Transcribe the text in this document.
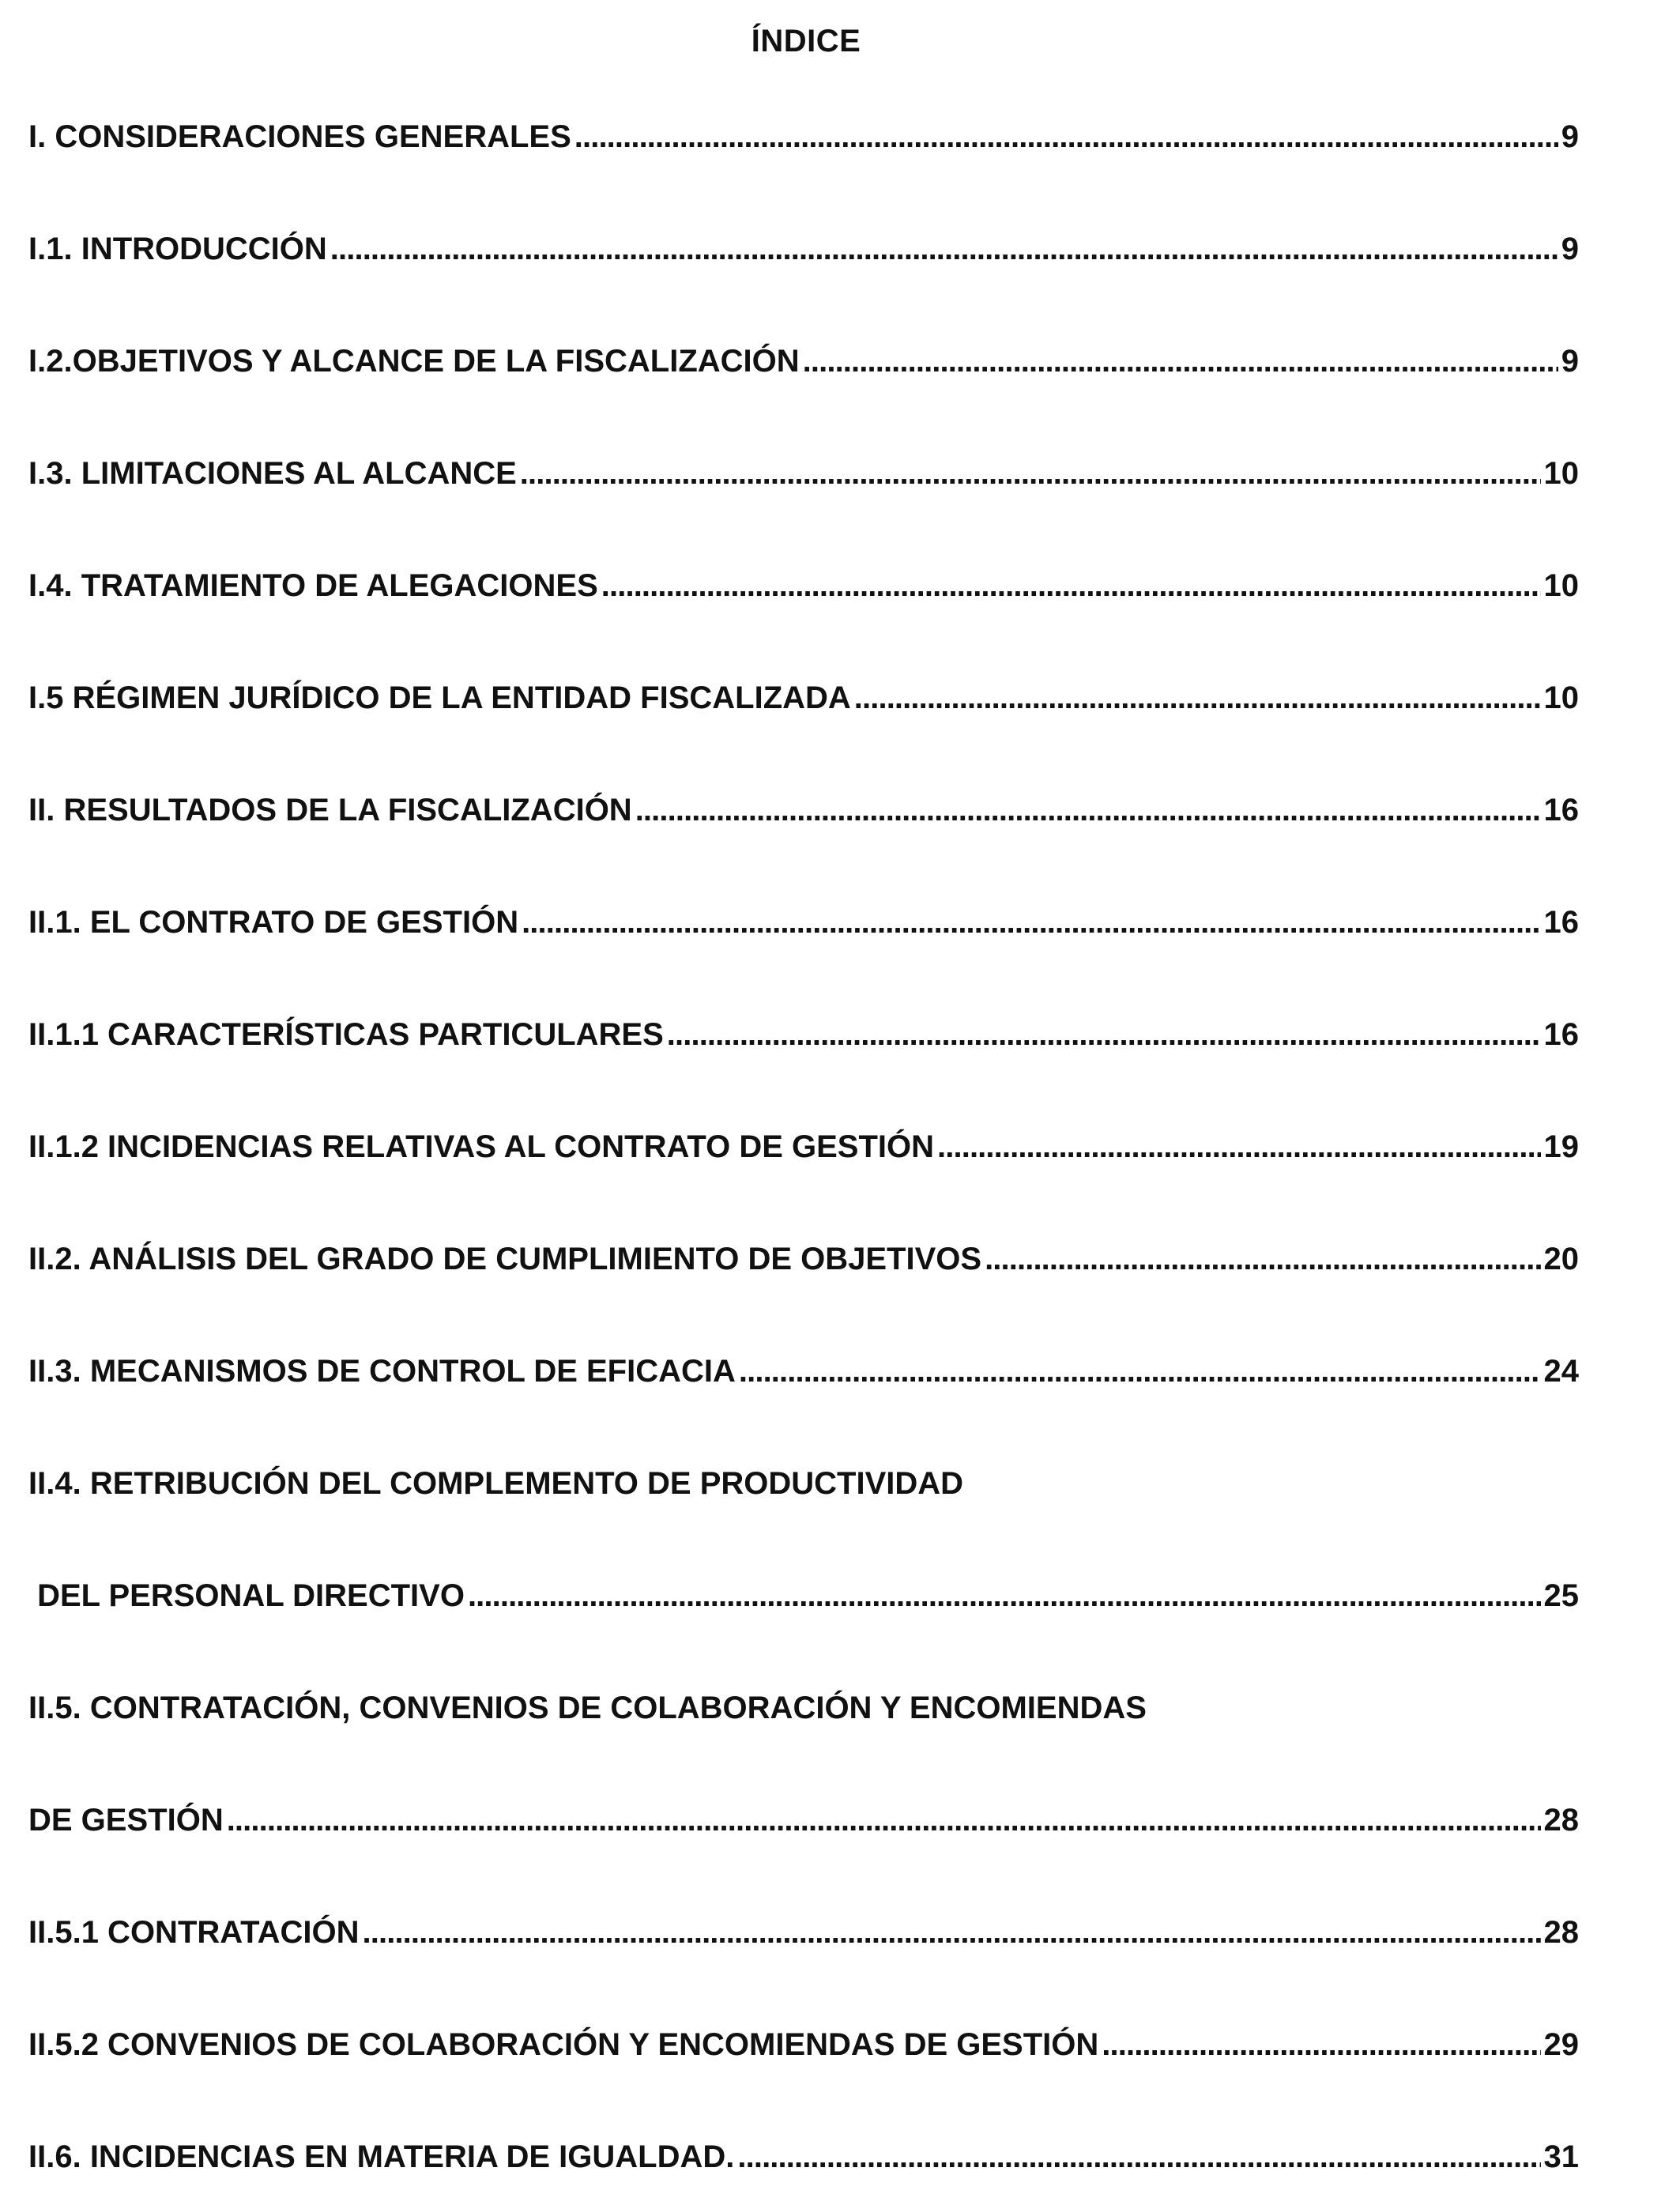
ÍNDICE
I. CONSIDERACIONES GENERALES . . .	9
I.1. INTRODUCCIÓN . . .	9
I.2.OBJETIVOS Y ALCANCE DE LA FISCALIZACIÓN . . .	9
I.3. LIMITACIONES AL ALCANCE . . .	10
I.4. TRATAMIENTO DE ALEGACIONES . . .	10
I.5 RÉGIMEN JURÍDICO DE LA ENTIDAD FISCALIZADA . . .	10
II. RESULTADOS DE LA FISCALIZACIÓN . . .	16
II.1. EL CONTRATO DE GESTIÓN . . .	16
II.1.1 CARACTERÍSTICAS PARTICULARES . . .	16
II.1.2 INCIDENCIAS RELATIVAS AL CONTRATO DE GESTIÓN . . .	19
II.2. ANÁLISIS DEL GRADO DE CUMPLIMIENTO DE OBJETIVOS . . .	20
II.3. MECANISMOS DE CONTROL DE EFICACIA . . .	24
II.4. RETRIBUCIÓN DEL COMPLEMENTO DE PRODUCTIVIDAD
DEL PERSONAL DIRECTIVO . . .	25
II.5. CONTRATACIÓN, CONVENIOS DE COLABORACIÓN Y ENCOMIENDAS
DE GESTIÓN . . .	28
II.5.1 CONTRATACIÓN . . .	28
II.5.2 CONVENIOS DE COLABORACIÓN Y ENCOMIENDAS DE GESTIÓN . . .	29
II.6. INCIDENCIAS EN MATERIA DE IGUALDAD. . . .	31
